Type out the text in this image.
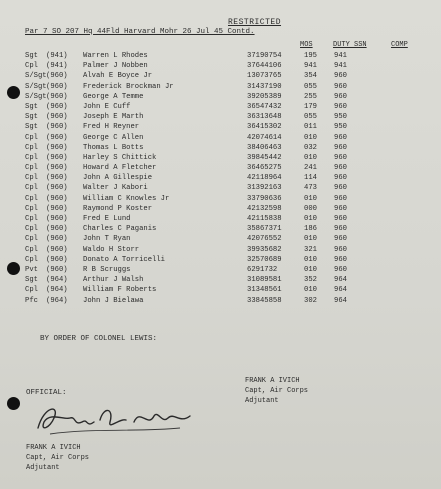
RESTRICTED
Par 7 SO 207 Hq 44Fld Harvard Mohr 26 Jul 45 Contd.
MOS	DUTY SSN	COMP
Sgt (941) Warren L Rhodes	37190754	195 941
Cpl (941) Palmer J Nobben	37644106	941 941
S/Sgt (960) Alvah E Boyce Jr	13073765	354 960
S/Sgt (960) Frederick Brockman Jr	31437190	055 960
S/Sgt (960) George A Temme	39205389	255 960
Sgt (960) John E Cuff	36547432	179 960
Sgt (960) Joseph E Marth	36313648	055 950
Sgt (960) Fred H Reyner	36415302	011 950
Cpl (960) George C Allen	42074614	010 960
Cpl (960) Thomas L Botts	38406463	032 960
Cpl (960) Harley S Chittick	39845442	010 960
Cpl (960) Howard A Fletcher	36465275	241 960
Cpl (960) John A Gillespie	42118964	114 960
Cpl (960) Walter J Kabori	31392163	473 960
Cpl (960) William C Knowles Jr	33790636	010 960
Cpl (960) Raymond P Koster	42132598	000 960
Cpl (960) Fred E Lund	42115838	010 960
Cpl (960) Charles C Paganis	35867371	186 960
Cpl (960) John T Ryan	42076552	010 960
Cpl (960) Waldo H Storr	39935682	321 960
Cpl (960) Donato A Torricelli	32570689	010 960
Pvt (960) R B Scruggs	6291732	010 960
Sgt (964) Arthur J Walsh	31089581	352 964
Cpl (964) William F Roberts	31348561	010 964
Pfc (964) John J Bielawa	33845858	302 964
BY ORDER OF COLONEL LEWIS:
FRANK A IVICH
Capt, Air Corps
Adjutant
OFFICIAL:
FRANK A IVICH
Capt, Air Corps
Adjutant
